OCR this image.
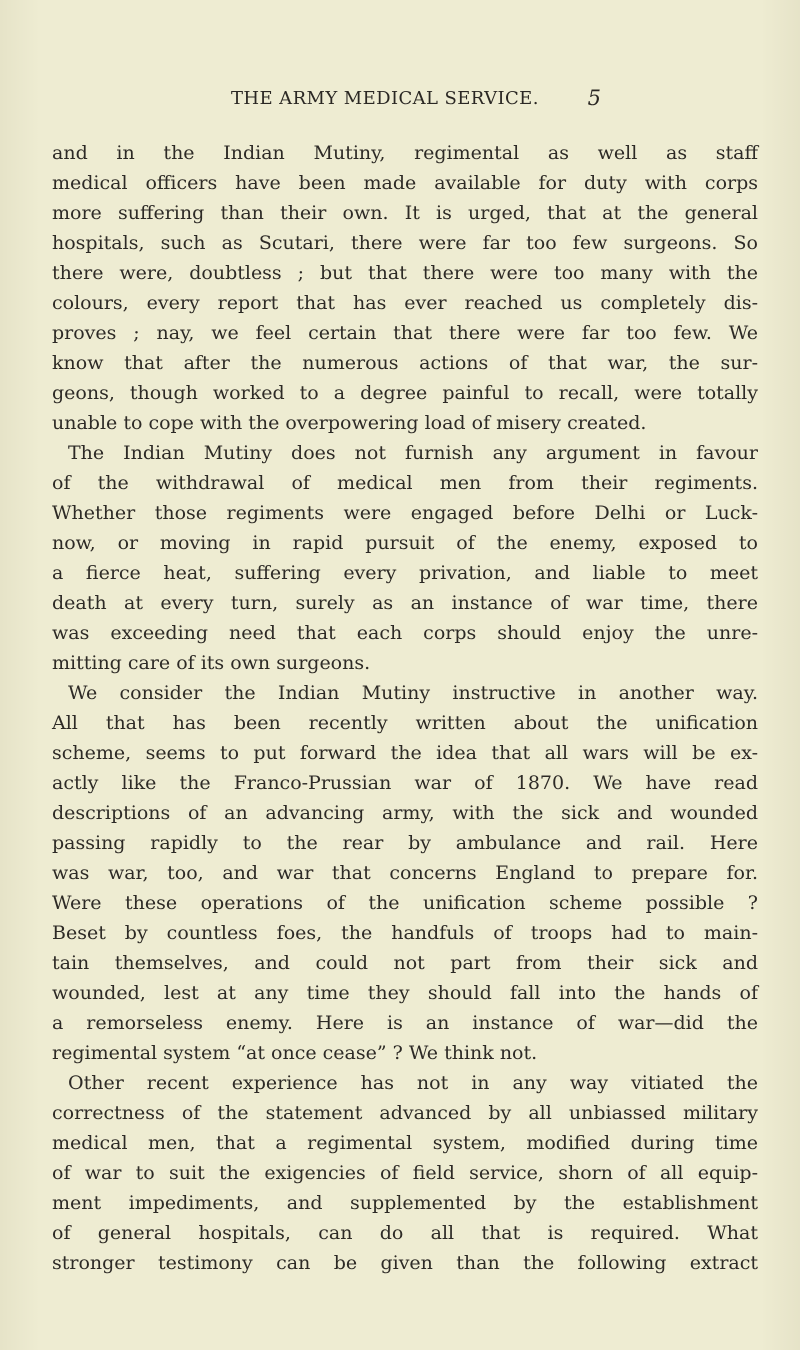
THE ARMY MEDICAL SERVICE. 5
and in the Indian Mutiny, regimental as well as staff
medical officers have been made available for duty with corps
more suffering than their own. It is urged, that at the general
hospitals, such as Scutari, there were far too few surgeons. So
there were, doubtless ; but that there were too many with the
colours, every report that has ever reached us completely dis-
proves ; nay, we feel certain that there were far too few. We
know that after the numerous actions of that war, the sur-
geons, though worked to a degree painful to recall, were totally
unable to cope with the overpowering load of misery created.
The Indian Mutiny does not furnish any argument in favour
of the withdrawal of medical men from their regiments.
Whether those regiments were engaged before Delhi or Luck-
now, or moving in rapid pursuit of the enemy, exposed to
a fierce heat, suffering every privation, and liable to meet
death at every turn, surely as an instance of war time, there
was exceeding need that each corps should enjoy the unre-
mitting care of its own surgeons.
We consider the Indian Mutiny instructive in another way.
All that has been recently written about the unification
scheme, seems to put forward the idea that all wars will be ex-
actly like the Franco-Prussian war of 1870. We have read
descriptions of an advancing army, with the sick and wounded
passing rapidly to the rear by ambulance and rail. Here
was war, too, and war that concerns England to prepare for.
Were these operations of the unification scheme possible ?
Beset by countless foes, the handfuls of troops had to main-
tain themselves, and could not part from their sick and
wounded, lest at any time they should fall into the hands of
a remorseless enemy. Here is an instance of war—did the
regimental system “at once cease” ? We think not.
Other recent experience has not in any way vitiated the
correctness of the statement advanced by all unbiassed military
medical men, that a regimental system, modified during time
of war to suit the exigencies of field service, shorn of all equip-
ment impediments, and supplemented by the establishment
of general hospitals, can do all that is required. What
stronger testimony can be given than the following extract
